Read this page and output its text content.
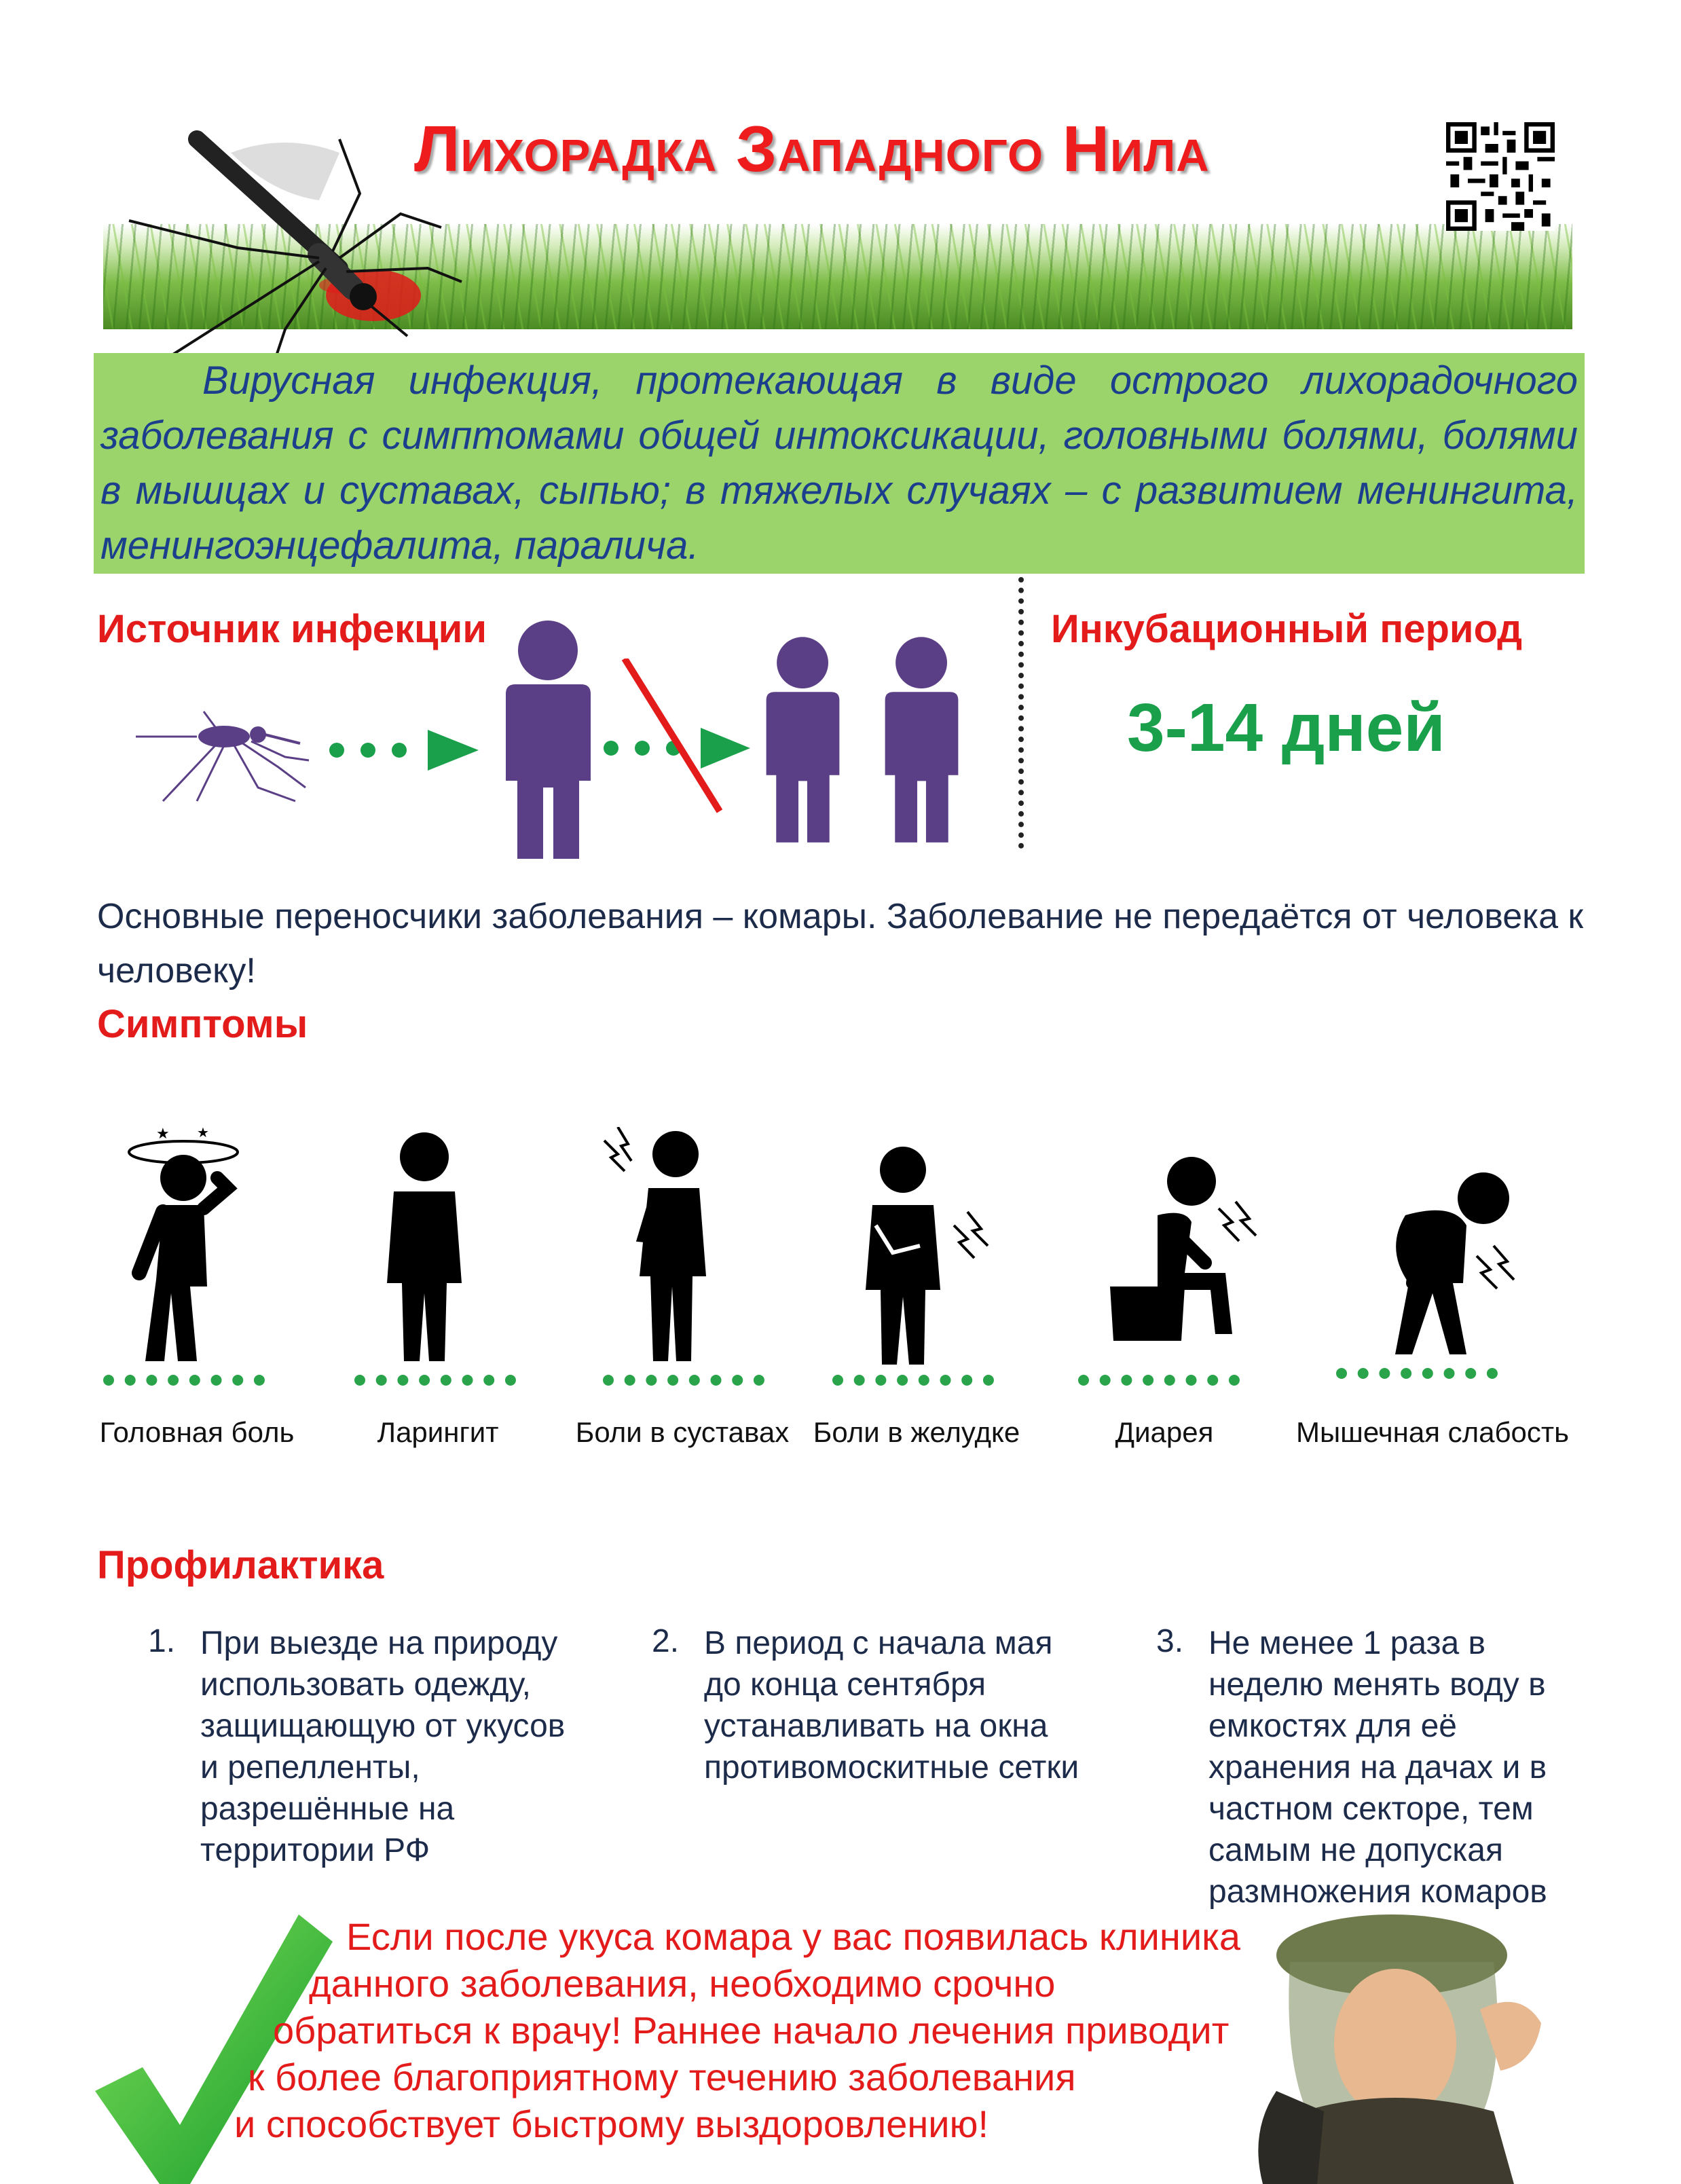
Лихорадка Западного Нила
Вирусная инфекция, протекающая в виде острого лихорадочного заболевания с симптомами общей интоксикации, головными болями, болями в мышцах и суставах, сыпью; в тяжелых случаях – с развитием менингита, менингоэнцефалита, паралича.
Источник инфекции	Инкубационный период
3-14 дней
Основные переносчики заболевания – комары. Заболевание не передаётся от человека к человеку!
Симптомы
★ ★
Головная боль	Ларингит	Боли в суставах Боли в желудке	Диарея	Мышечная слабость
Профилактика
1. При выезде на природу использовать одежду, защищающую от укусов и репелленты, разрешённые на территории РФ
2. В период с начала мая до конца сентября устанавливать на окна противомоскитные сетки
3. Не менее 1 раза в неделю менять воду в емкостях для её хранения на дачах и в частном секторе, тем самым не допуская размножения комаров
Если после укуса комара у вас появилась клиника
данного заболевания, необходимо срочно
обратиться к врачу! Раннее начало лечения приводит
к более благоприятному течению заболевания
и способствует быстрому выздоровлению!
